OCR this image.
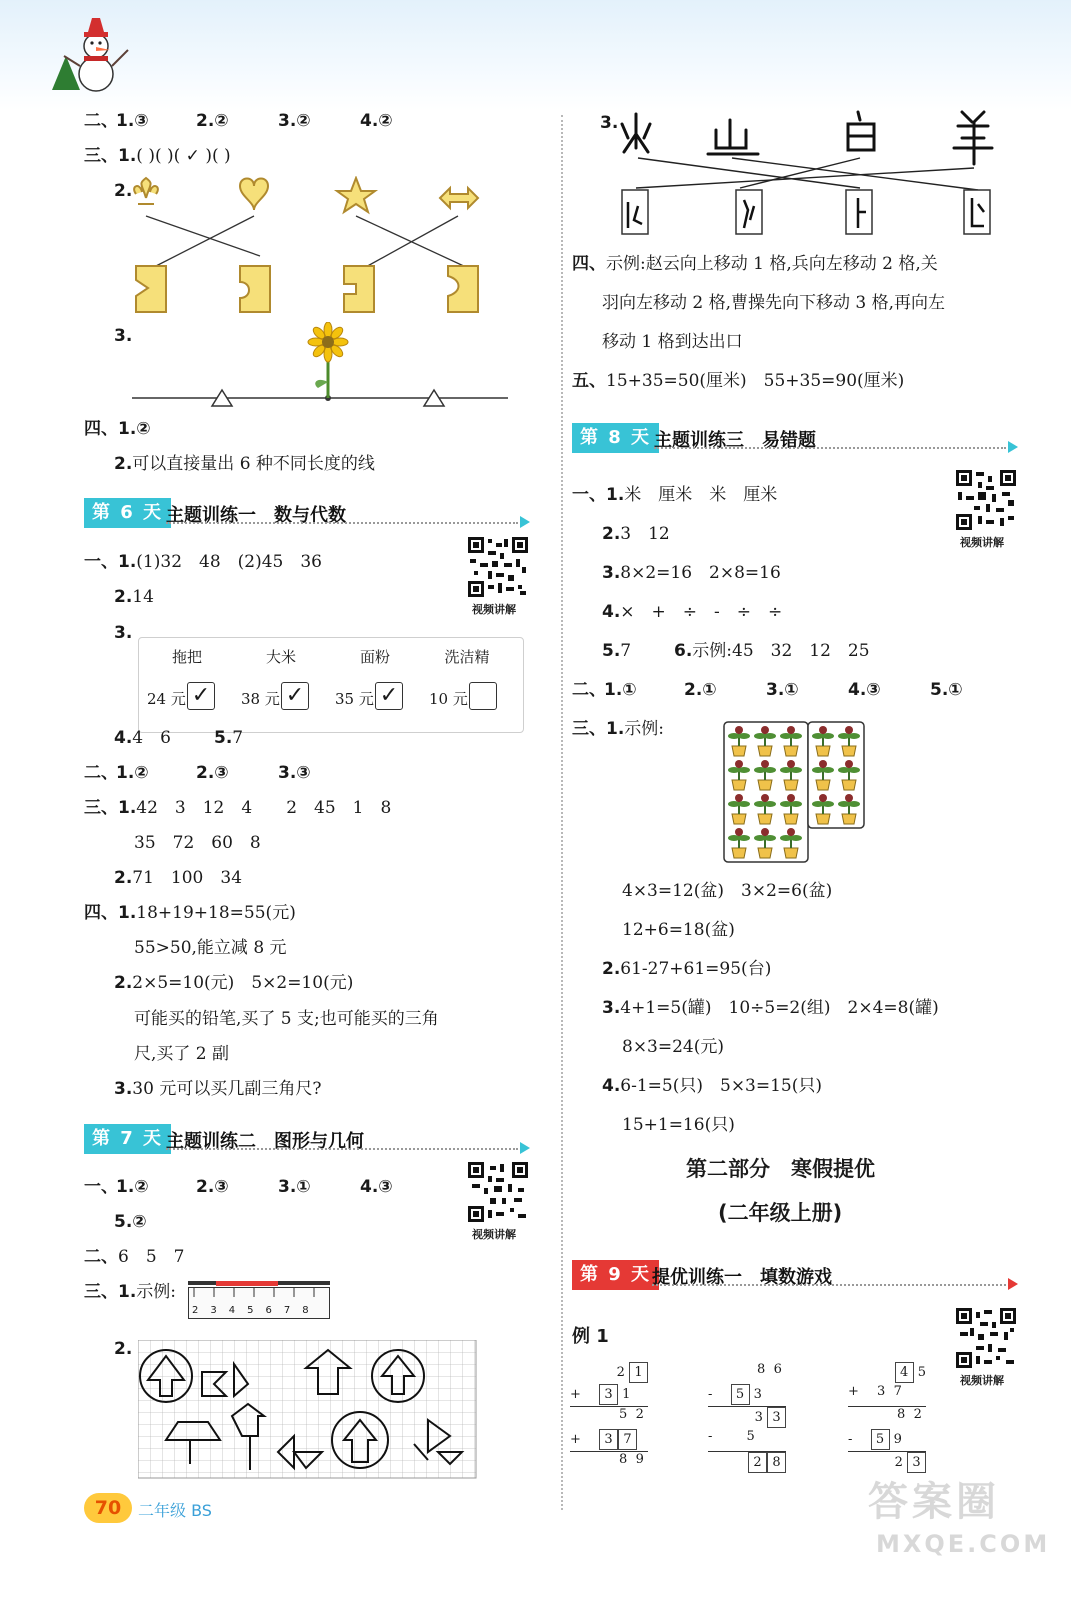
二、
1.③	2.②	3.②	4.②
三、1.( )( )( ✓ )( )
2.
3.
四、1.②
2.可以直接量出 6 种不同长度的线
第 6 天 主题训练一　数与代数
视频讲解
一、1.(1)32　48　(2)45　36
2.14
3.
拖把	大米	面粉	洗洁精
24 元 ✓	38 元 ✓	35 元 ✓	10 元
4.4　6	5.7
二、
1.②	2.③	3.③
三、1.42　3　12　4　　2　45　1　8
35　72　60　8
2.71　100　34
四、1.18+19+18=55(元)
55>50,能立减 8 元
2.2×5=10(元)　5×2=10(元)
可能买的铅笔,买了 5 支;也可能买的三角
尺,买了 2 副
3.30 元可以买几副三角尺?
第 7 天 主题训练二　图形与几何
视频讲解
一、
1.②	2.③	3.①	4.③
5.②
二、6　5　7
三、1.示例:
2 3 4 5 6 7 8
2.
3.
四、示例:赵云向上移动 1 格,兵向左移动 2 格,关
羽向左移动 2 格,曹操先向下移动 3 格,再向左
移动 1 格到达出口
五、15+35=50(厘米)　55+35=90(厘米)
第 8 天 主题训练三　易错题
视频讲解
一、1.米　厘米　米　厘米
2.3　12
3.8×2=16　2×8=16
4.×　+　÷　-　÷　÷
5.7	6.示例:45　32　12　25
二、
1.①	2.①	3.①	4.③	5.①
三、1.示例:
4×3=12(盆)　3×2=6(盆)
12+6=18(盆)
2.61-27+61=95(台)
3.4+1=5(罐)　10÷5=2(组)　2×4=8(罐)
8×3=24(元)
4.6-1=5(只)　5×3=15(只)
15+1=16(只)
第二部分　寒假提优
(二年级上册)
第 9 天 提优训练一　填数游戏
视频讲解
例 1
2 1
+ 3 1
5  2
+ 3 7
8  9
8  6
- 5 3
3 3
- 5
2 8
4 5
+ 3  7
8  2
- 5 9
2 3
70	二年级 BS	答案圈
MXQE.COM
